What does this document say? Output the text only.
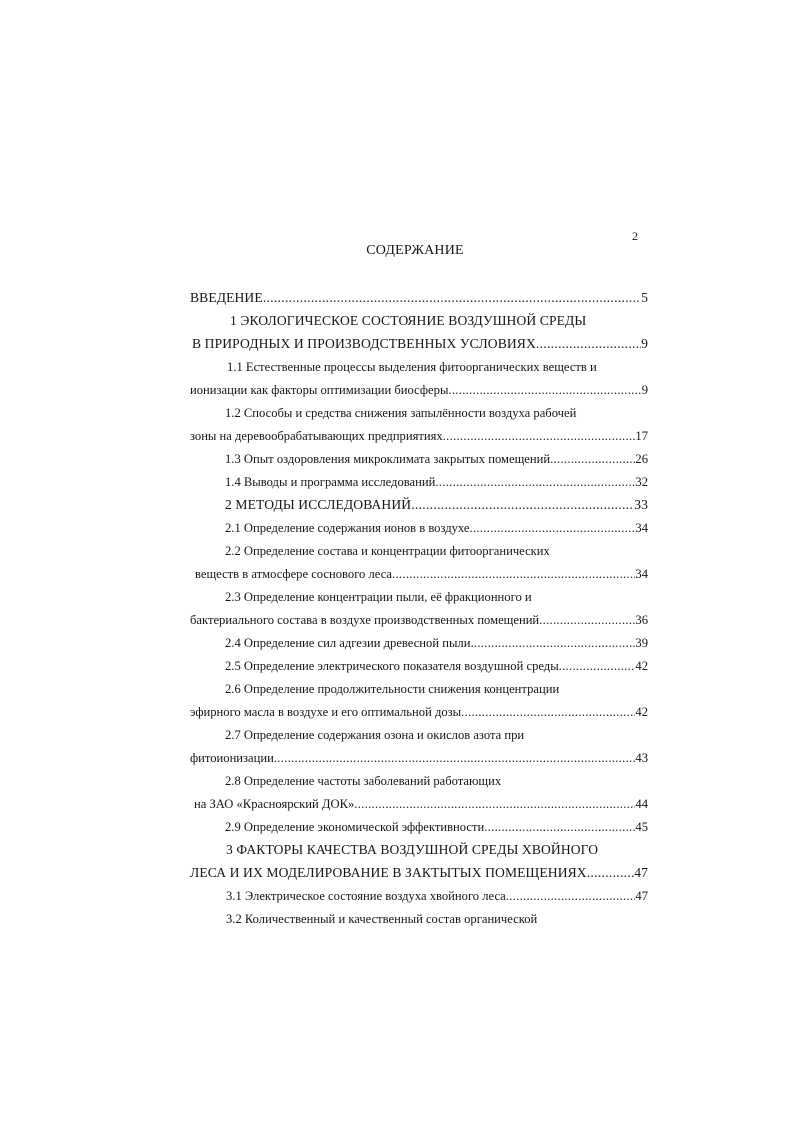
2
СОДЕРЖАНИЕ
ВВЕДЕНИЕ .....	5
1 ЭКОЛОГИЧЕСКОЕ СОСТОЯНИЕ ВОЗДУШНОЙ СРЕДЫ
В ПРИРОДНЫХ И ПРОИЗВОДСТВЕННЫХ УСЛОВИЯХ .....	9
1.1 Естественные процессы выделения фитоорганических веществ и
ионизации как факторы оптимизации биосферы .....	9
1.2 Способы и средства снижения запылённости воздуха рабочей
зоны на деревообрабатывающих предприятиях .....	17
1.3 Опыт оздоровления микроклимата закрытых помещений .....	26
1.4 Выводы и программа исследований .....	32
2 МЕТОДЫ ИССЛЕДОВАНИЙ .....	33
2.1 Определение содержания ионов в воздухе .....	34
2.2 Определение состава и концентрации фитоорганических
веществ в атмосфере соснового леса .....	34
2.3 Определение концентрации пыли, её фракционного и
бактериального состава в воздухе производственных помещений .....	36
2.4 Определение сил адгезии древесной пыли .....	39
2.5 Определение электрического показателя воздушной среды .....	42
2.6 Определение продолжительности снижения концентрации
эфирного масла в воздухе и его оптимальной дозы .....	42
2.7 Определение содержания озона и окислов азота при
фитоионизации .....	43
2.8 Определение частоты заболеваний работающих
на ЗАО «Красноярский ДОК» .....	44
2.9 Определение экономической эффективности .....	45
3 ФАКТОРЫ КАЧЕСТВА ВОЗДУШНОЙ СРЕДЫ ХВОЙНОГО
ЛЕСА И ИХ МОДЕЛИРОВАНИЕ В ЗАКТЫТЫХ ПОМЕЩЕНИЯХ .....	47
3.1 Электрическое состояние воздуха хвойного леса .....	47
3.2 Количественный и качественный состав органической
